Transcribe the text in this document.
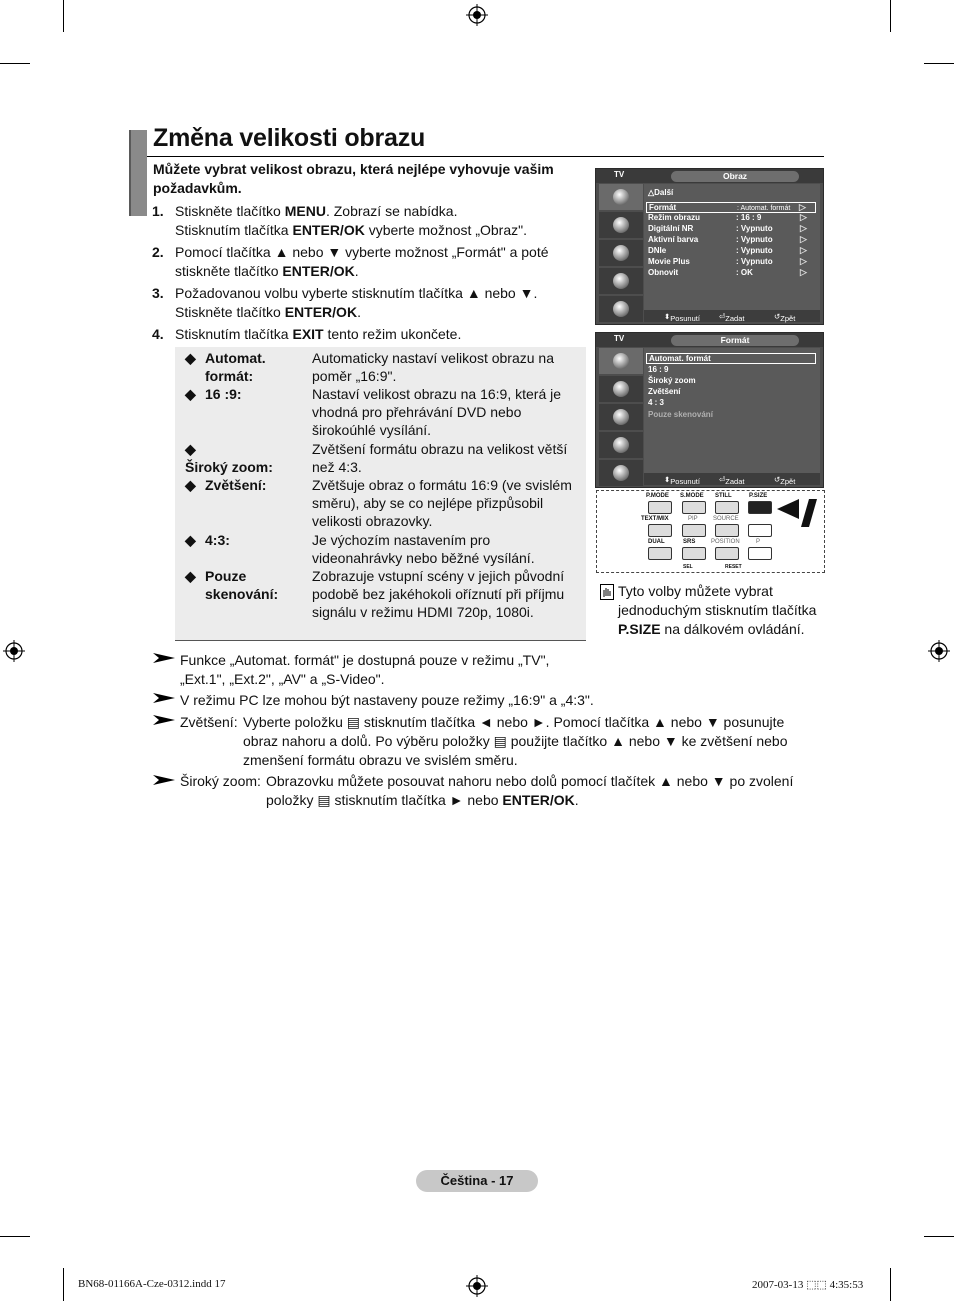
Změna velikosti obrazu
Můžete vybrat velikost obrazu, která nejlépe vyhovuje vašim požadavkům.
1. Stiskněte tlačítko MENU. Zobrazí se nabídka.
Stisknutím tlačítka ENTER/OK vyberte možnost „Obraz".
2. Pomocí tlačítka ▲ nebo ▼ vyberte možnost „Formát" a poté
stiskněte tlačítko ENTER/OK.
3. Požadovanou volbu vyberte stisknutím tlačítka ▲ nebo ▼.
Stiskněte tlačítko ENTER/OK.
4. Stisknutím tlačítka EXIT tento režim ukončete.
◆ Automat. formát:
Automaticky nastaví velikost obrazu na poměr „16:9".
◆ 16 :9:	Nastaví velikost obrazu na 16:9, která je vhodná pro přehrávání DVD nebo širokoúhlé vysílání.
◆Široký zoom:
Zvětšení formátu obrazu na velikost větší než 4:3.
◆ Zvětšení:	Zvětšuje obraz o formátu 16:9 (ve svislém směru), aby se co nejlépe přizpůsobil velikosti obrazovky.
◆ 4:3:	Je výchozím nastavením pro videonahrávky nebo běžné vysílání.
◆ Pouze skenování:
Zobrazuje vstupní scény v jejich původní podobě bez jakéhokoli oříznutí při příjmu signálu v režimu HDMI 720p, 1080i.
TV	Obraz
△Další
Formát	: Automat. formát ▷
Režim obrazu	: 16 : 9	▷
Digitální NR	: Vypnuto	▷
Aktivní barva	: Vypnuto	▷
DNIe	: Vypnuto	▷
Movie Plus	: Vypnuto	▷
Obnovit	: OK	▷
⬍ Posunutí	⏎ Zadat	↺ Zpět
TV	Formát
Automat. formát
16 : 9
Široký zoom
Zvětšení
4 : 3
Pouze skenování
⬍ Posunutí	⏎ Zadat	↺ Zpět
P.MODE S.MODE STILL	P.SIZE
TEXT/MIX	PIP	SOURCE
DUAL	SRS	POSITION	P
SEL	RESET
Tyto volby můžete vybrat jednoduchým stisknutím tlačítka P.SIZE na dálkovém ovládání.
Funkce „Automat. formát" je dostupná pouze v režimu „TV", „Ext.1", „Ext.2", „AV" a „S-Video".
V režimu PC lze mohou být nastaveny pouze režimy „16:9" a „4:3".
Zvětšení: Vyberte položku ▤ stisknutím tlačítka ◄ nebo ►. Pomocí tlačítka ▲ nebo ▼ posunujte
obraz nahoru a dolů. Po výběru položky ▤ použijte tlačítko ▲ nebo ▼ ke zvětšení nebo
zmenšení formátu obrazu ve svislém směru.
Široký zoom: Obrazovku můžete posouvat nahoru nebo dolů pomocí tlačítek ▲ nebo ▼ po zvolení
položky ▤ stisknutím tlačítka ► nebo ENTER/OK.
Čeština - 17
BN68-01166A-Cze-0312.indd 17	2007-03-13 ⬚⬚ 4:35:53
